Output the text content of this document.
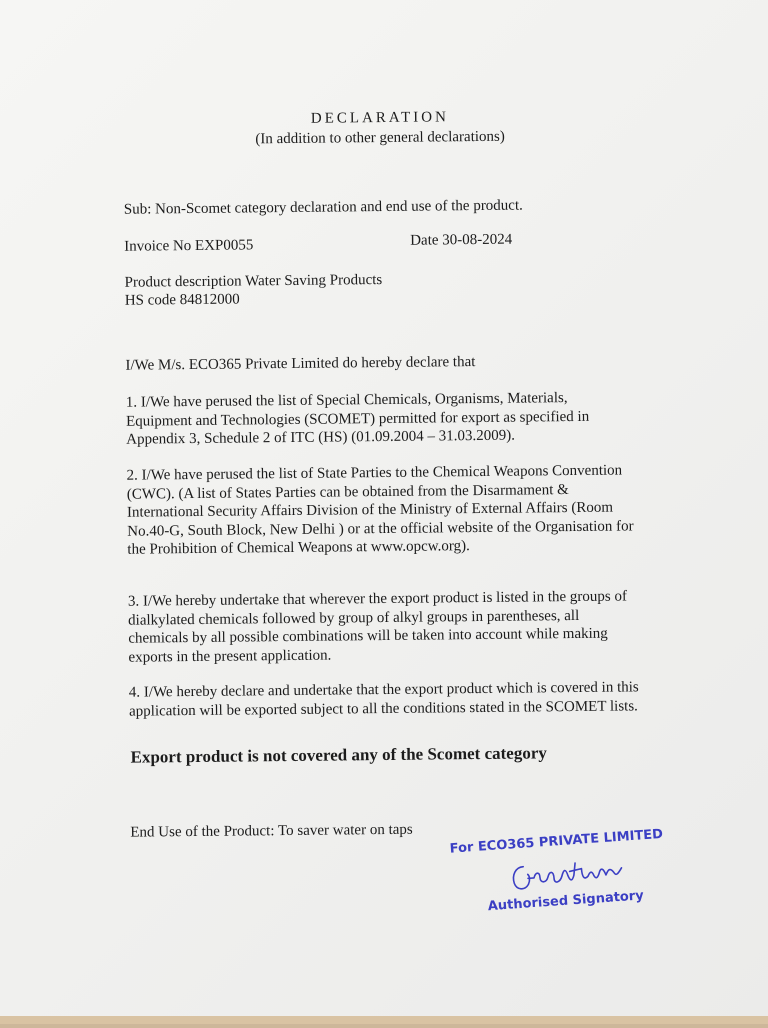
DECLARATION
(In addition to other general declarations)
Sub: Non-Scomet category declaration and end use of the product.
Invoice No EXP0055	Date 30-08-2024
Product description Water Saving Products
HS code 84812000
I/We M/s. ECO365 Private Limited do hereby declare that
1. I/We have perused the list of Special Chemicals, Organisms, Materials, Equipment and Technologies (SCOMET) permitted for export as specified in Appendix 3, Schedule 2 of ITC (HS) (01.09.2004 – 31.03.2009).
2. I/We have perused the list of State Parties to the Chemical Weapons Convention (CWC). (A list of States Parties can be obtained from the Disarmament & International Security Affairs Division of the Ministry of External Affairs (Room No.40-G, South Block, New Delhi ) or at the official website of the Organisation for the Prohibition of Chemical Weapons at www.opcw.org).
3. I/We hereby undertake that wherever the export product is listed in the groups of dialkylated chemicals followed by group of alkyl groups in parentheses, all chemicals by all possible combinations will be taken into account while making exports in the present application.
4. I/We hereby declare and undertake that the export product which is covered in this application will be exported subject to all the conditions stated in the SCOMET lists.
Export product is not covered any of the Scomet category
End Use of the Product: To saver water on taps	For ECO365 PRIVATE LIMITED
Authorised Signatory
